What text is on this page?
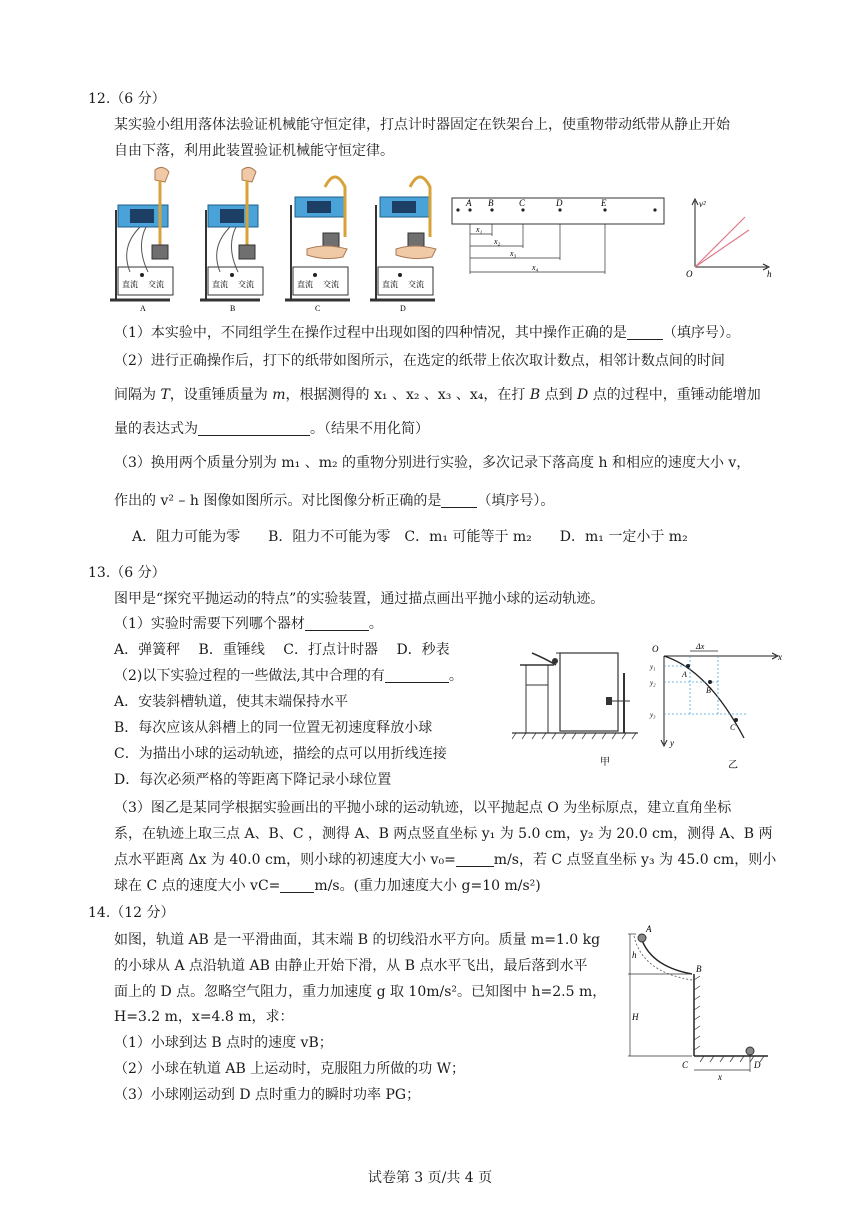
12.（6 分）
某实验小组用落体法验证机械能守恒定律，打点计时器固定在铁架台上，使重物带动纸带从静止开始
自由下落，利用此装置验证机械能守恒定律。
直流 交流
A
直流 交流
B
直流 交流
C
直流 交流
D
A B	C	D	E
x₁
x₂
x₃
x₄
v²
h
O
（1）本实验中，不同组学生在操作过程中出现如图的四种情况，其中操作正确的是	（填序号）。
（2）进行正确操作后，打下的纸带如图所示，在选定的纸带上依次取计数点，相邻计数点间的时间
间隔为 T，设重锤质量为 m，根据测得的 x₁ 、x₂ 、x₃ 、x₄，在打 B 点到 D 点的过程中，重锤动能增加
量的表达式为	。（结果不用化简）
（3）换用两个质量分别为 m₁ 、m₂ 的重物分别进行实验，多次记录下落高度 h 和相应的速度大小 v，
作出的 v² – h 图像如图所示。对比图像分析正确的是	（填序号）。
A．阻力可能为零　　B．阻力不可能为零　C．m₁ 可能等于 m₂　　D．m₁ 一定小于 m₂
13.（6 分）
图甲是“探究平抛运动的特点”的实验装置，通过描点画出平抛小球的运动轨迹。
（1）实验时需要下列哪个器材	。
A．弹簧秤　 B．重锤线　 C．打点计时器　 D．秒表
（2)以下实验过程的一些做法,其中合理的有	。
A．安装斜槽轨道，使其末端保持水平
B．每次应该从斜槽上的同一位置无初速度释放小球
C．为描出小球的运动轨迹，描绘的点可以用折线连接
D．每次必须严格的等距离下降记录小球位置
甲
O	Δx
x
y
y₁
y₂
y₃
A
B
C
乙
（3）图乙是某同学根据实验画出的平抛小球的运动轨迹，以平抛起点 O 为坐标原点，建立直角坐标
系，在轨迹上取三点 A、B、C ，测得 A、B 两点竖直坐标 y₁ 为 5.0 cm，y₂ 为 20.0 cm，测得 A、B 两
点水平距离 Δx 为 40.0 cm，则小球的初速度大小 v₀=	m/s，若 C 点竖直坐标 y₃ 为 45.0 cm，则小
球在 C 点的速度大小 vC= m/s。(重力加速度大小 g=10 m/s²)
14.（12 分）
如图，轨道 AB 是一平滑曲面，其末端 B 的切线沿水平方向。质量 m=1.0 kg
的小球从 A 点沿轨道 AB 由静止开始下滑，从 B 点水平飞出，最后落到水平
面上的 D 点。忽略空气阻力，重力加速度 g 取 10m/s²。已知图中 h=2.5 m，
H=3.2 m，x=4.8 m，求：
（1）小球到达 B 点时的速度 vB；
（2）小球在轨道 AB 上运动时，克服阻力所做的功 W；
（3）小球刚运动到 D 点时重力的瞬时功率 PG；
A
B
C	D
h
H
x
试卷第 3 页/共 4 页
